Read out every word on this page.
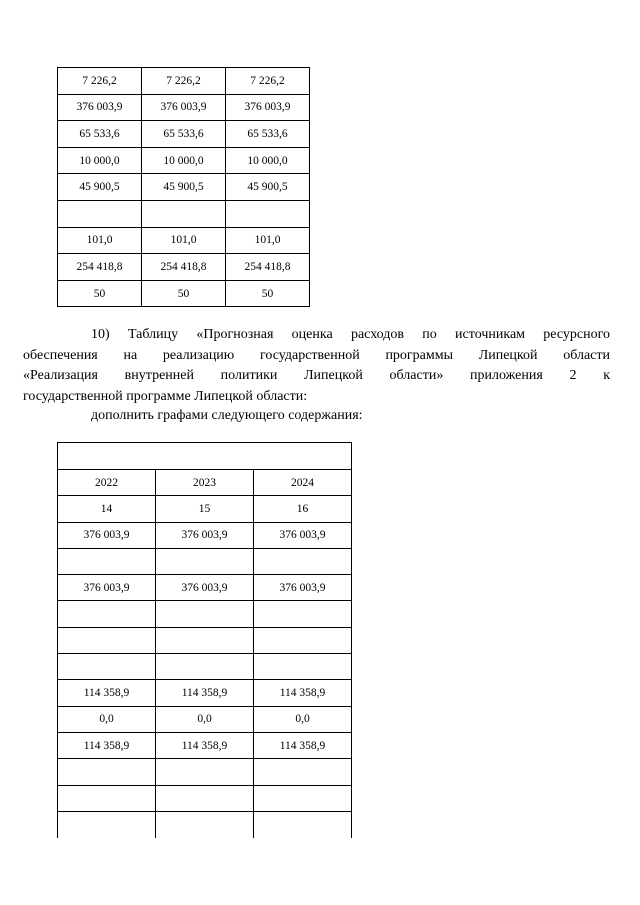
7 226,2	7 226,2	7 226,2
376 003,9	376 003,9	376 003,9
65 533,6	65 533,6	65 533,6
10 000,0	10 000,0	10 000,0
45 900,5	45 900,5	45 900,5

101,0	101,0	101,0
254 418,8	254 418,8	254 418,8
50	50	50
10) Таблицу «Прогнозная оценка расходов по источникам ресурсного
обеспечения на реализацию государственной программы Липецкой области
«Реализация внутренней политики Липецкой области» приложения 2 к
государственной программе Липецкой области:
дополнить графами следующего содержания:

2022	2023	2024
14	15	16
376 003,9	376 003,9	376 003,9

376 003,9	376 003,9	376 003,9

114 358,9	114 358,9	114 358,9
0,0	0,0	0,0
114 358,9	114 358,9	114 358,9
